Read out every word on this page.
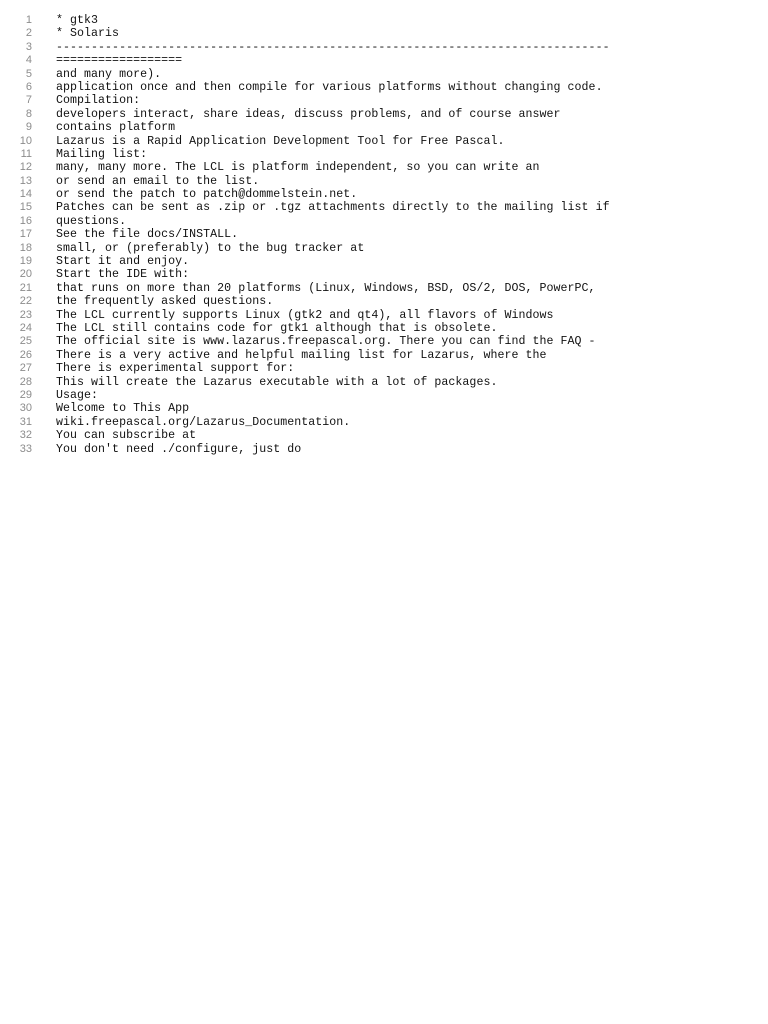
1	* gtk3
2	* Solaris
3	-------------------------------------------------------------------------------
4	==================
5	and many more).
6	application once and then compile for various platforms without changing code.
7	Compilation:
8	developers interact, share ideas, discuss problems, and of course answer
9	contains platform
10	Lazarus is a Rapid Application Development Tool for Free Pascal.
11	Mailing list:
12	many, many more. The LCL is platform independent, so you can write an
13	or send an email to the list.
14	or send the patch to patch@dommelstein.net.
15	Patches can be sent as .zip or .tgz attachments directly to the mailing list if
16	questions.
17	See the file docs/INSTALL.
18	small, or (preferably) to the bug tracker at
19	Start it and enjoy.
20	Start the IDE with:
21	that runs on more than 20 platforms (Linux, Windows, BSD, OS/2, DOS, PowerPC,
22	the frequently asked questions.
23	The LCL currently supports Linux (gtk2 and qt4), all flavors of Windows
24	The LCL still contains code for gtk1 although that is obsolete.
25	The official site is www.lazarus.freepascal.org. There you can find the FAQ -
26	There is a very active and helpful mailing list for Lazarus, where the
27	There is experimental support for:
28	This will create the Lazarus executable with a lot of packages.
29	Usage:
30	Welcome to This App
31	wiki.freepascal.org/Lazarus_Documentation.
32	You can subscribe at
33	You don't need ./configure, just do
